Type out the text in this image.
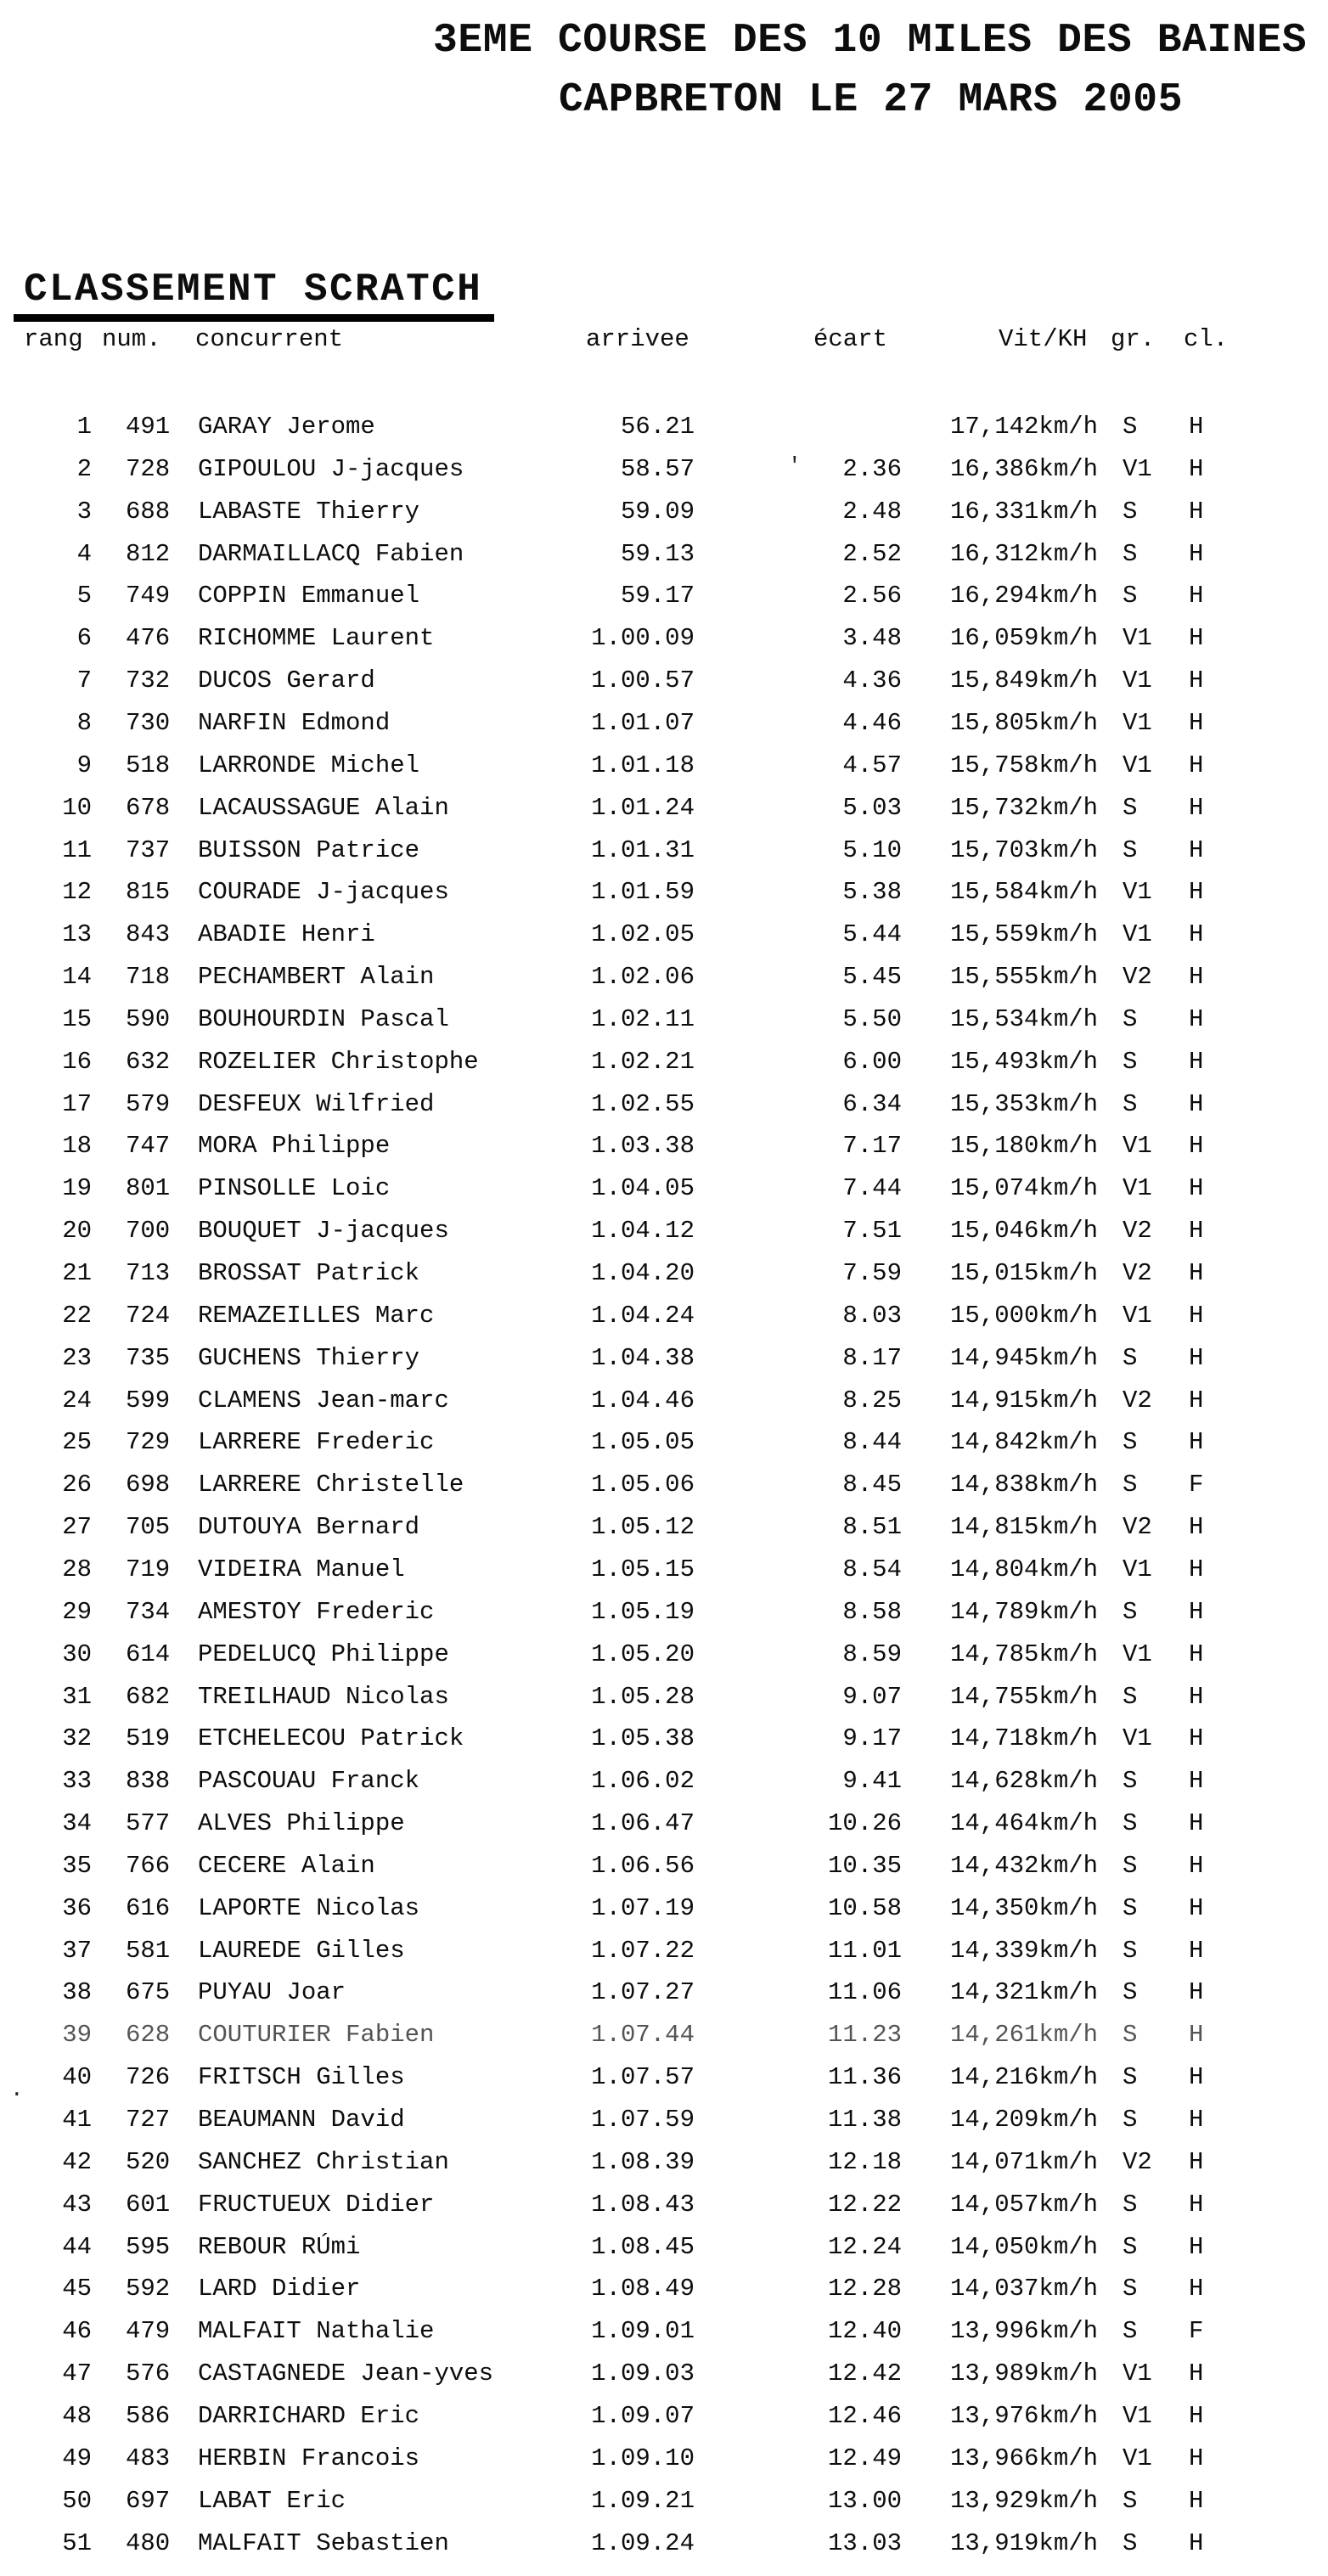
3EME COURSE DES 10 MILES DES BAINES
CAPBRETON LE 27 MARS 2005
CLASSEMENT SCRATCH
rang num. concurrent	arrivee	écart	Vit/KH gr. cl.
1 491	GARAY Jerome	56.21	17,142km/h S H
2 728	GIPOULOU J-jacques	58.57	2.36 16,386km/h V1 H
3 688	LABASTE Thierry	59.09	2.48 16,331km/h S H
4 812	DARMAILLACQ Fabien	59.13	2.52 16,312km/h S H
5 749	COPPIN Emmanuel	59.17	2.56 16,294km/h S H
6 476	RICHOMME Laurent	1.00.09	3.48 16,059km/h V1 H
7 732	DUCOS Gerard	1.00.57	4.36 15,849km/h V1 H
8 730	NARFIN Edmond	1.01.07	4.46 15,805km/h V1 H
9 518	LARRONDE Michel	1.01.18	4.57 15,758km/h V1 H
10 678	LACAUSSAGUE Alain	1.01.24	5.03 15,732km/h S H
11 737	BUISSON Patrice	1.01.31	5.10 15,703km/h S H
12 815	COURADE J-jacques	1.01.59	5.38 15,584km/h V1 H
13 843	ABADIE Henri	1.02.05	5.44 15,559km/h V1 H
14 718	PECHAMBERT Alain	1.02.06	5.45 15,555km/h V2 H
15 590	BOUHOURDIN Pascal	1.02.11	5.50 15,534km/h S H
16 632	ROZELIER Christophe	1.02.21	6.00 15,493km/h S H
17 579	DESFEUX Wilfried	1.02.55	6.34 15,353km/h S H
18 747	MORA Philippe	1.03.38	7.17 15,180km/h V1 H
19 801	PINSOLLE Loic	1.04.05	7.44 15,074km/h V1 H
20 700	BOUQUET J-jacques	1.04.12	7.51 15,046km/h V2 H
21 713	BROSSAT Patrick	1.04.20	7.59 15,015km/h V2 H
22 724	REMAZEILLES Marc	1.04.24	8.03 15,000km/h V1 H
23 735	GUCHENS Thierry	1.04.38	8.17 14,945km/h S H
24 599	CLAMENS Jean-marc	1.04.46	8.25 14,915km/h V2 H
25 729	LARRERE Frederic	1.05.05	8.44 14,842km/h S H
26 698	LARRERE Christelle	1.05.06	8.45 14,838km/h S F
27 705	DUTOUYA Bernard	1.05.12	8.51 14,815km/h V2 H
28 719	VIDEIRA Manuel	1.05.15	8.54 14,804km/h V1 H
29 734	AMESTOY Frederic	1.05.19	8.58 14,789km/h S H
30 614	PEDELUCQ Philippe	1.05.20	8.59 14,785km/h V1 H
31 682	TREILHAUD Nicolas	1.05.28	9.07 14,755km/h S H
32 519	ETCHELECOU Patrick	1.05.38	9.17 14,718km/h V1 H
33 838	PASCOUAU Franck	1.06.02	9.41 14,628km/h S H
34 577	ALVES Philippe	1.06.47	10.26 14,464km/h S H
35 766	CECERE Alain	1.06.56	10.35 14,432km/h S H
36 616	LAPORTE Nicolas	1.07.19	10.58 14,350km/h S H
37 581	LAUREDE Gilles	1.07.22	11.01 14,339km/h S H
38 675	PUYAU Joar	1.07.27	11.06 14,321km/h S H
39 628	COUTURIER Fabien	1.07.44	11.23 14,261km/h S H
40 726	FRITSCH Gilles	1.07.57	11.36 14,216km/h S H
41 727	BEAUMANN David	1.07.59	11.38 14,209km/h S H
42 520	SANCHEZ Christian	1.08.39	12.18 14,071km/h V2 H
43 601	FRUCTUEUX Didier	1.08.43	12.22 14,057km/h S H
44 595	REBOUR RÚmi	1.08.45	12.24 14,050km/h S H
45 592	LARD Didier	1.08.49	12.28 14,037km/h S H
46 479	MALFAIT Nathalie	1.09.01	12.40 13,996km/h S F
47 576	CASTAGNEDE Jean-yves	1.09.03	12.42 13,989km/h V1 H
48 586	DARRICHARD Eric	1.09.07	12.46 13,976km/h V1 H
49 483	HERBIN Francois	1.09.10	12.49 13,966km/h V1 H
50 697	LABAT Eric	1.09.21	13.00 13,929km/h S H
51 480	MALFAIT Sebastien	1.09.24	13.03 13,919km/h S H
'
.
